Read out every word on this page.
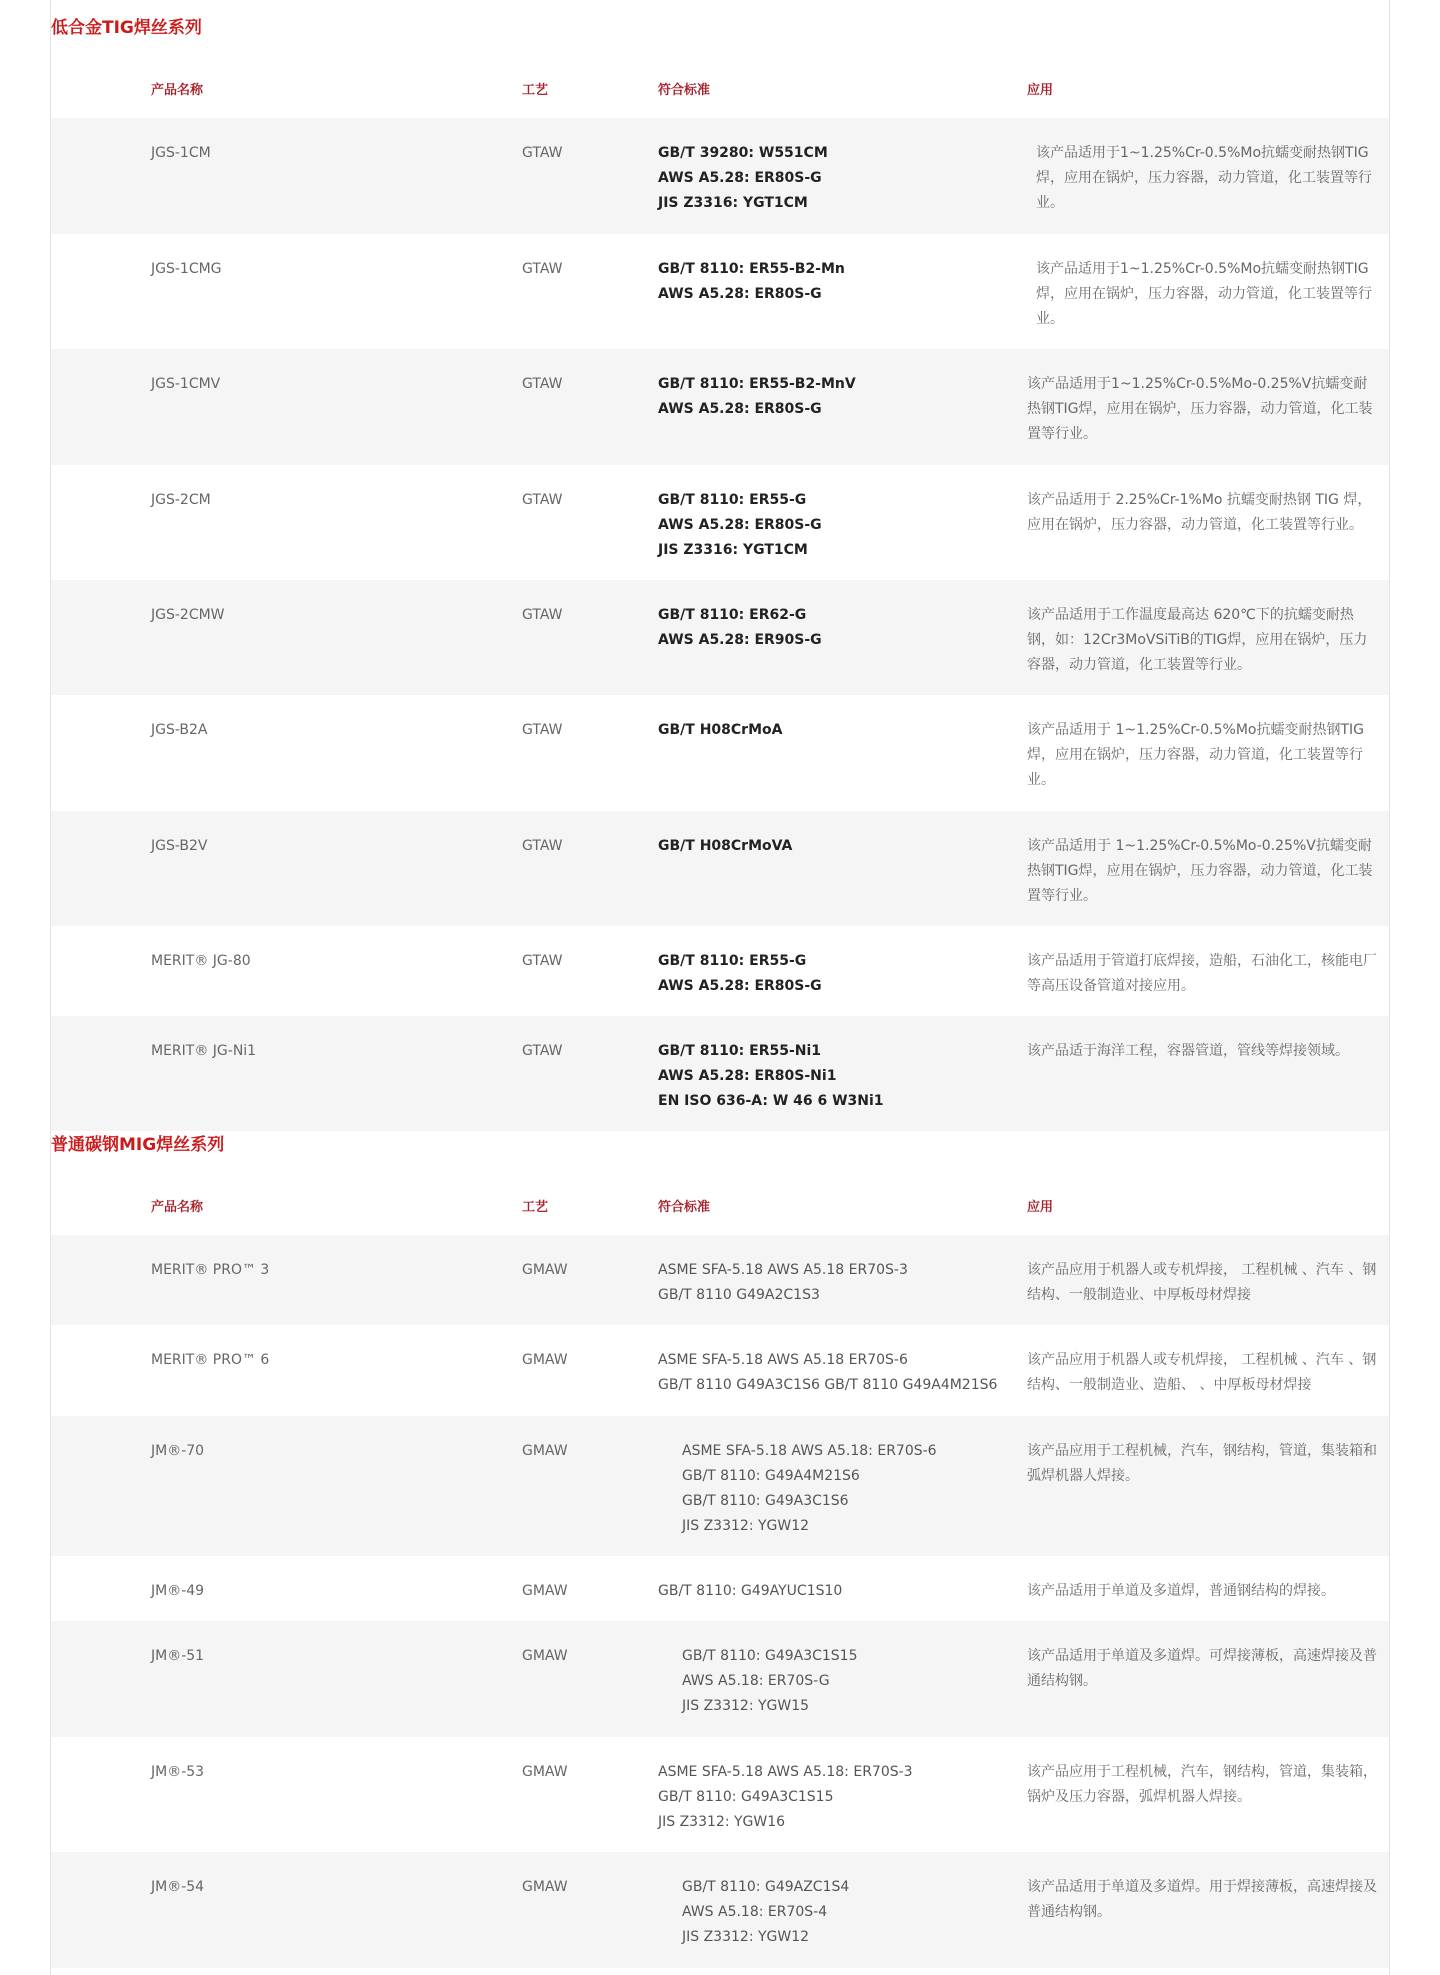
低合金TIG焊丝系列
	产品名称	工艺	符合标准	应用
	JGS-1CM	GTAW	GB/T 39280: W551CM
AWS A5.28: ER80S-G
JIS Z3316: YGT1CM	该产品适用于1~1.25%Cr-0.5%Mo抗蠕变耐热钢TIG焊，应用在锅炉，压力容器，动力管道，化工装置等行业。
	JGS-1CMG	GTAW	GB/T 8110: ER55-B2-Mn
AWS A5.28: ER80S-G	该产品适用于1~1.25%Cr-0.5%Mo抗蠕变耐热钢TIG焊，应用在锅炉，压力容器，动力管道，化工装置等行业。
	JGS-1CMV	GTAW	GB/T 8110: ER55-B2-MnV
AWS A5.28: ER80S-G	该产品适用于1~1.25%Cr-0.5%Mo-0.25%V抗蠕变耐热钢TIG焊，应用在锅炉，压力容器，动力管道，化工装置等行业。
	JGS-2CM	GTAW	GB/T 8110: ER55-G
AWS A5.28: ER80S-G
JIS Z3316: YGT1CM	该产品适用于 2.25%Cr-1%Mo 抗蠕变耐热钢 TIG 焊，应用在锅炉，压力容器，动力管道，化工装置等行业。
	JGS-2CMW	GTAW	GB/T 8110: ER62-G
AWS A5.28: ER90S-G	该产品适用于工作温度最高达 620℃下的抗蠕变耐热钢，如：12Cr3MoVSiTiB的TIG焊，应用在锅炉，压力容器，动力管道，化工装置等行业。
	JGS-B2A	GTAW	GB/T H08CrMoA	该产品适用于 1~1.25%Cr-0.5%Mo抗蠕变耐热钢TIG焊，应用在锅炉，压力容器，动力管道，化工装置等行业。
	JGS-B2V	GTAW	GB/T H08CrMoVA	该产品适用于 1~1.25%Cr-0.5%Mo-0.25%V抗蠕变耐热钢TIG焊，应用在锅炉，压力容器，动力管道，化工装置等行业。
	MERIT® JG-80	GTAW	GB/T 8110: ER55-G
AWS A5.28: ER80S-G	该产品适用于管道打底焊接，造船，石油化工，核能电厂等高压设备管道对接应用。
	MERIT® JG-Ni1	GTAW	GB/T 8110: ER55-Ni1
AWS A5.28: ER80S-Ni1
EN ISO 636-A: W 46 6 W3Ni1	该产品适于海洋工程，容器管道，管线等焊接领域。
普通碳钢MIG焊丝系列
	产品名称	工艺	符合标准	应用
	MERIT® PRO™ 3	GMAW	ASME SFA-5.18 AWS A5.18 ER70S-3
GB/T 8110 G49A2C1S3	该产品应用于机器人或专机焊接， 工程机械 、汽车 、钢结构、一般制造业、中厚板母材焊接
	MERIT® PRO™ 6	GMAW	ASME SFA-5.18 AWS A5.18 ER70S-6
GB/T 8110 G49A3C1S6 GB/T 8110 G49A4M21S6	该产品应用于机器人或专机焊接， 工程机械 、汽车 、钢结构、一般制造业、造船、 、中厚板母材焊接
	JM®-70	GMAW	ASME SFA-5.18 AWS A5.18: ER70S-6
GB/T 8110: G49A4M21S6
GB/T 8110: G49A3C1S6
JIS Z3312: YGW12	该产品应用于工程机械，汽车，钢结构，管道，集装箱和弧焊机器人焊接。
	JM®-49	GMAW	GB/T 8110: G49AYUC1S10	该产品适用于单道及多道焊，普通钢结构的焊接。
	JM®-51	GMAW	GB/T 8110: G49A3C1S15
AWS A5.18: ER70S-G
JIS Z3312: YGW15	该产品适用于单道及多道焊。可焊接薄板，高速焊接及普通结构钢。
	JM®-53	GMAW	ASME SFA-5.18 AWS A5.18: ER70S-3
GB/T 8110: G49A3C1S15
JIS Z3312: YGW16	该产品应用于工程机械，汽车，钢结构，管道，集装箱，锅炉及压力容器，弧焊机器人焊接。
	JM®-54	GMAW	GB/T 8110: G49AZC1S4
AWS A5.18: ER70S-4
JIS Z3312: YGW12	该产品适用于单道及多道焊。用于焊接薄板，高速焊接及普通结构钢。
